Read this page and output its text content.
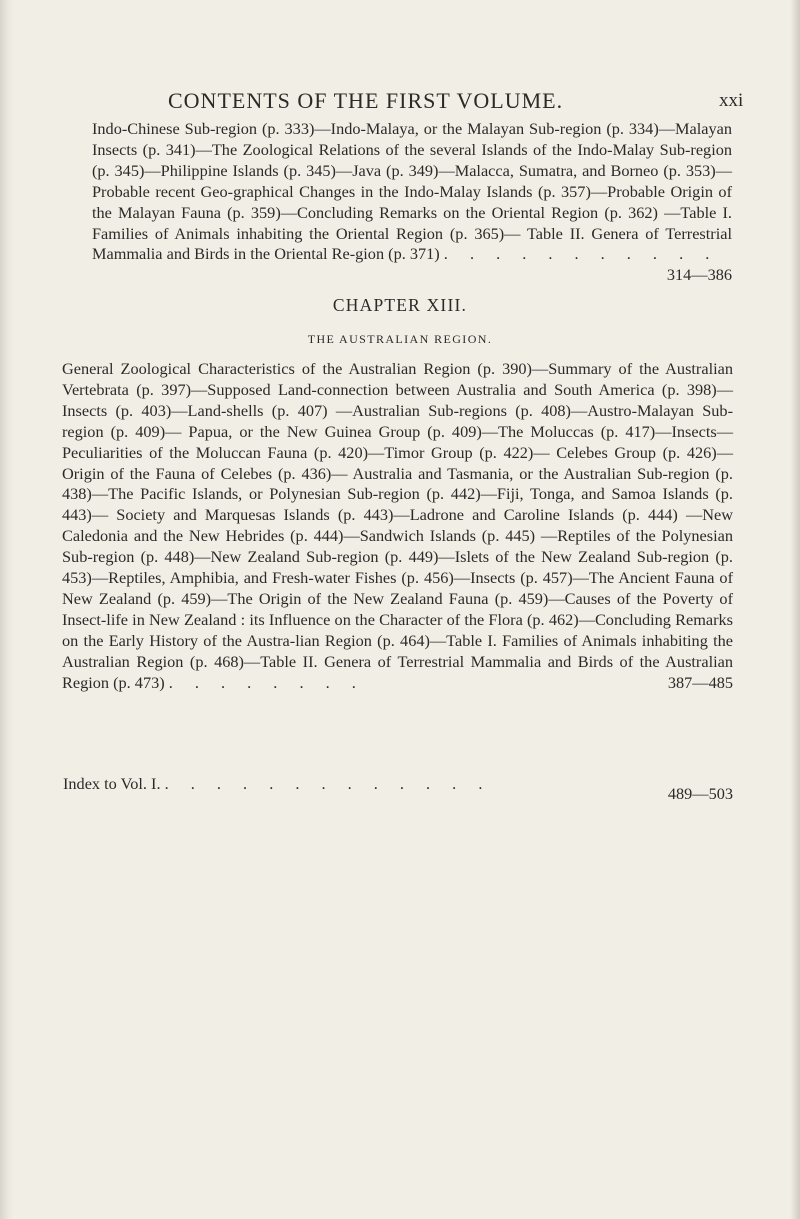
CONTENTS OF THE FIRST VOLUME.	xxi
Indo-Chinese Sub-region (p. 333)—Indo-Malaya, or the Malayan Sub-region (p. 334)—Malayan Insects (p. 341)—The Zoological Relations of the several Islands of the Indo-Malay Sub-region (p. 345)—Philippine Islands (p. 345)—Java (p. 349)—Malacca, Sumatra, and Borneo (p. 353)—Probable recent Geo-graphical Changes in the Indo-Malay Islands (p. 357)—Probable Origin of the Malayan Fauna (p. 359)—Concluding Remarks on the Oriental Region (p. 362) —Table I. Families of Animals inhabiting the Oriental Region (p. 365)— Table II. Genera of Terrestrial Mammalia and Birds in the Oriental Re-gion (p. 371) . . . . . . . . . . .
314—386
CHAPTER XIII.
THE AUSTRALIAN REGION.
General Zoological Characteristics of the Australian Region (p. 390)—Summary of the Australian Vertebrata (p. 397)—Supposed Land-connection between Australia and South America (p. 398)—Insects (p. 403)—Land-shells (p. 407) —Australian Sub-regions (p. 408)—Austro-Malayan Sub-region (p. 409)— Papua, or the New Guinea Group (p. 409)—The Moluccas (p. 417)—Insects— Peculiarities of the Moluccan Fauna (p. 420)—Timor Group (p. 422)— Celebes Group (p. 426)—Origin of the Fauna of Celebes (p. 436)— Australia and Tasmania, or the Australian Sub-region (p. 438)—The Pacific Islands, or Polynesian Sub-region (p. 442)—Fiji, Tonga, and Samoa Islands (p. 443)— Society and Marquesas Islands (p. 443)—Ladrone and Caroline Islands (p. 444) —New Caledonia and the New Hebrides (p. 444)—Sandwich Islands (p. 445) —Reptiles of the Polynesian Sub-region (p. 448)—New Zealand Sub-region (p. 449)—Islets of the New Zealand Sub-region (p. 453)—Reptiles, Amphibia, and Fresh-water Fishes (p. 456)—Insects (p. 457)—The Ancient Fauna of New Zealand (p. 459)—The Origin of the New Zealand Fauna (p. 459)—Causes of the Poverty of Insect-life in New Zealand : its Influence on the Character of the Flora (p. 462)—Concluding Remarks on the Early History of the Austra-lian Region (p. 464)—Table I. Families of Animals inhabiting the Australian Region (p. 468)—Table II. Genera of Terrestrial Mammalia and Birds of the Australian Region (p. 473) . . . . . . . .	387—485
Index to Vol. I. . . . . . . . . . . . . .
489—503
